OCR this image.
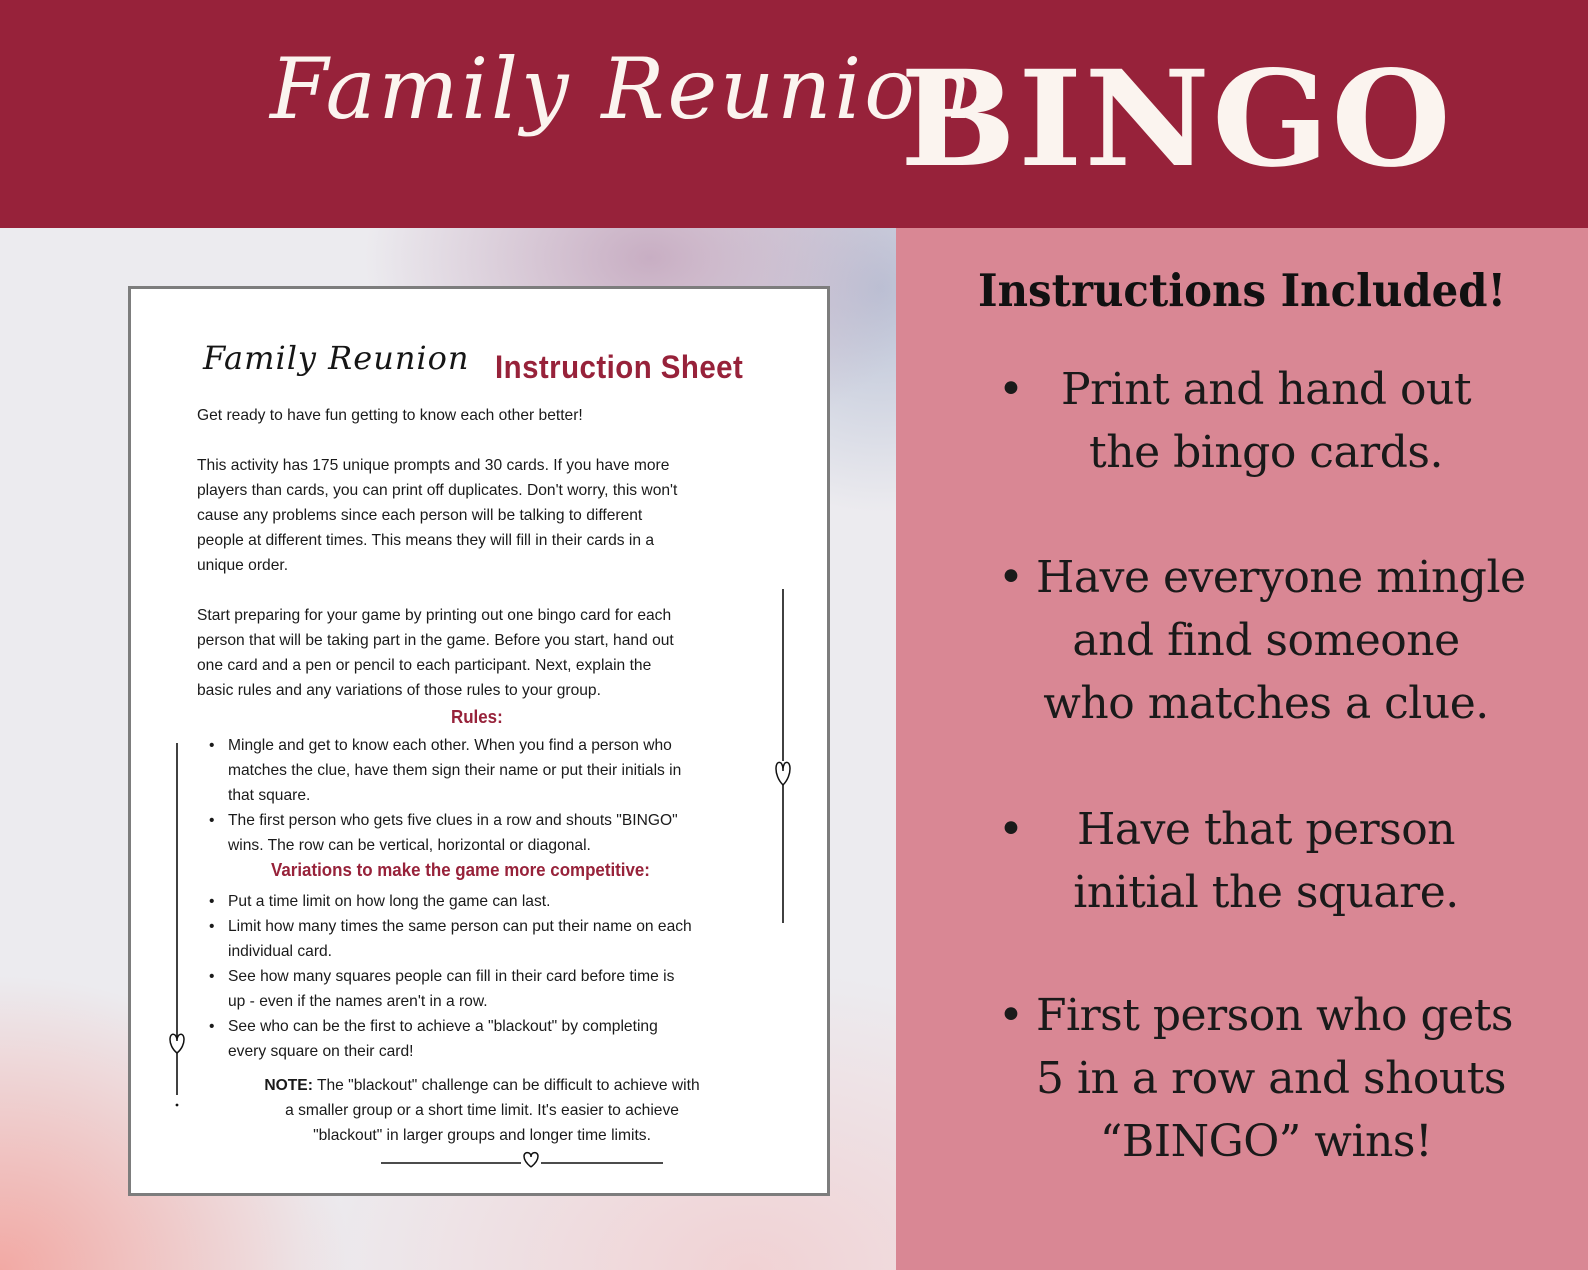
Family Reunion
BINGO
Family Reunion Instruction Sheet
Get ready to have fun getting to know each other better!
This activity has 175 unique prompts and 30 cards. If you have more
players than cards, you can print off duplicates. Don't worry, this won't
cause any problems since each person will be talking to different
people at different times. This means they will fill in their cards in a
unique order.
Start preparing for your game by printing out one bingo card for each
person that will be taking part in the game. Before you start, hand out
one card and a pen or pencil to each participant. Next, explain the
basic rules and any variations of those rules to your group.
Rules:
• Mingle and get to know each other. When you find a person who
matches the clue, have them sign their name or put their initials in
that square.
• The first person who gets five clues in a row and shouts "BINGO"
wins. The row can be vertical, horizontal or diagonal.
Variations to make the game more competitive:
• Put a time limit on how long the game can last.
• Limit how many times the same person can put their name on each
individual card.
• See how many squares people can fill in their card before time is
up - even if the names aren't in a row.
• See who can be the first to achieve a "blackout" by completing
every square on their card!
NOTE: The "blackout" challenge can be difficult to achieve with
a smaller group or a short time limit. It's easier to achieve
"blackout" in larger groups and longer time limits.
Instructions Included!
• Print and hand out
the bingo cards.
• Have everyone mingle
and find someone
who matches a clue.
•	Have that person
initial the square.
• First person who gets
5 in a row and shouts
“BINGO” wins!
